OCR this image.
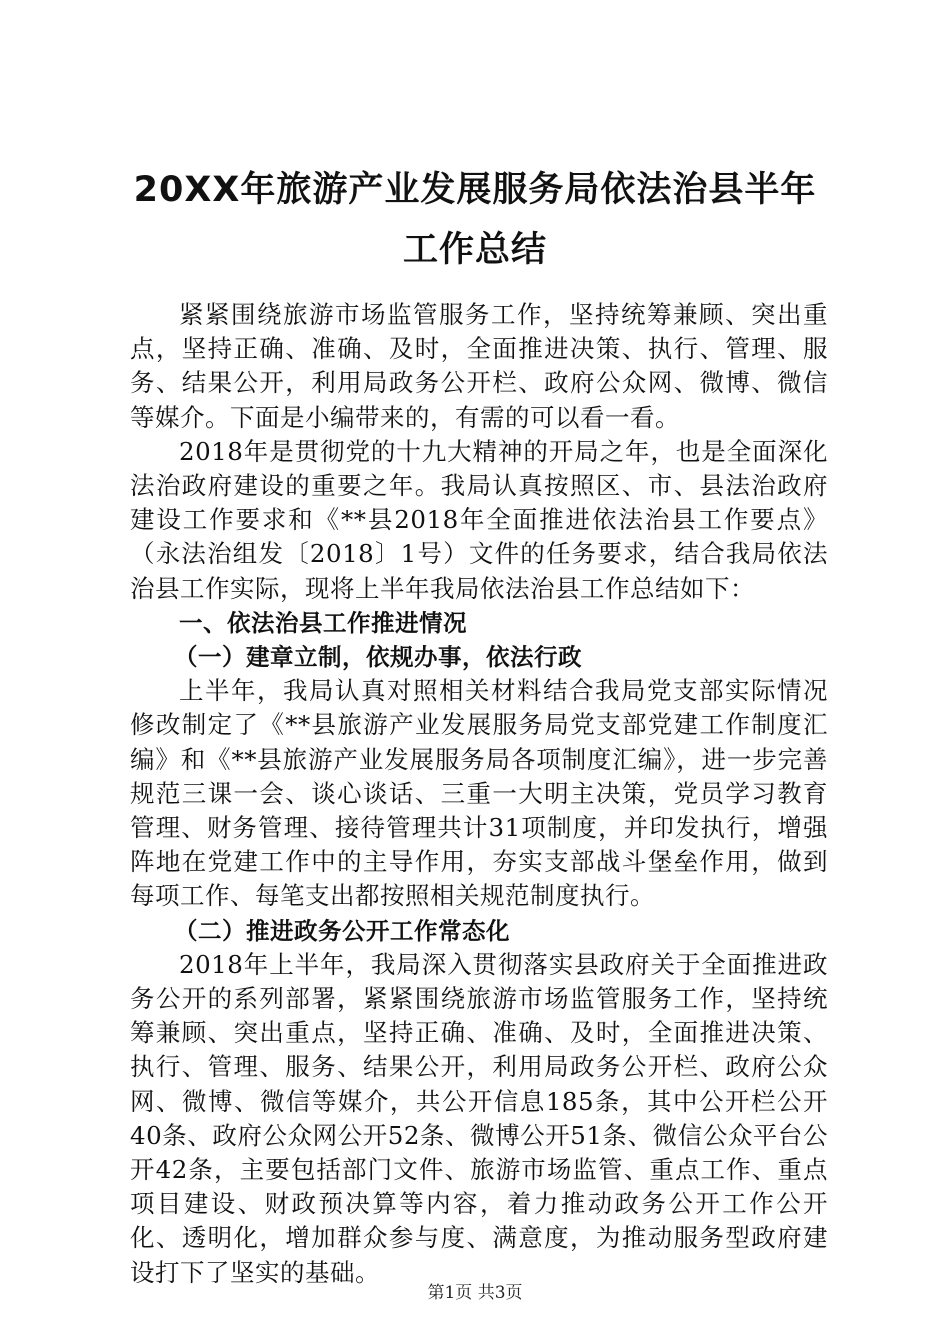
20XX年旅游产业发展服务局依法治县半年工作总结

紧紧围绕旅游市场监管服务工作，坚持统筹兼顾、突出重点，坚持正确、准确、及时，全面推进决策、执行、管理、服务、结果公开，利用局政务公开栏、政府公众网、微博、微信等媒介。下面是小编带来的，有需的可以看一看。

2018年是贯彻党的十九大精神的开局之年，也是全面深化法治政府建设的重要之年。我局认真按照区、市、县法治政府建设工作要求和《**县2018年全面推进依法治县工作要点》（永法治组发〔2018〕1号）文件的任务要求，结合我局依法治县工作实际，现将上半年我局依法治县工作总结如下：

一、依法治县工作推进情况

（一）建章立制，依规办事，依法行政

上半年，我局认真对照相关材料结合我局党支部实际情况修改制定了《**县旅游产业发展服务局党支部党建工作制度汇编》和《**县旅游产业发展服务局各项制度汇编》，进一步完善规范三课一会、谈心谈话、三重一大明主决策，党员学习教育管理、财务管理、接待管理共计31项制度，并印发执行，增强阵地在党建工作中的主导作用，夯实支部战斗堡垒作用，做到每项工作、每笔支出都按照相关规范制度执行。

（二）推进政务公开工作常态化

2018年上半年，我局深入贯彻落实县政府关于全面推进政务公开的系列部署，紧紧围绕旅游市场监管服务工作，坚持统筹兼顾、突出重点，坚持正确、准确、及时，全面推进决策、执行、管理、服务、结果公开，利用局政务公开栏、政府公众网、微博、微信等媒介，共公开信息185条，其中公开栏公开40条、政府公众网公开52条、微博公开51条、微信公众平台公开42条，主要包括部门文件、旅游市场监管、重点工作、重点项目建设、财政预决算等内容，着力推动政务公开工作公开化、透明化，增加群众参与度、满意度，为推动服务型政府建设打下了坚实的基础。

第1页 共3页
